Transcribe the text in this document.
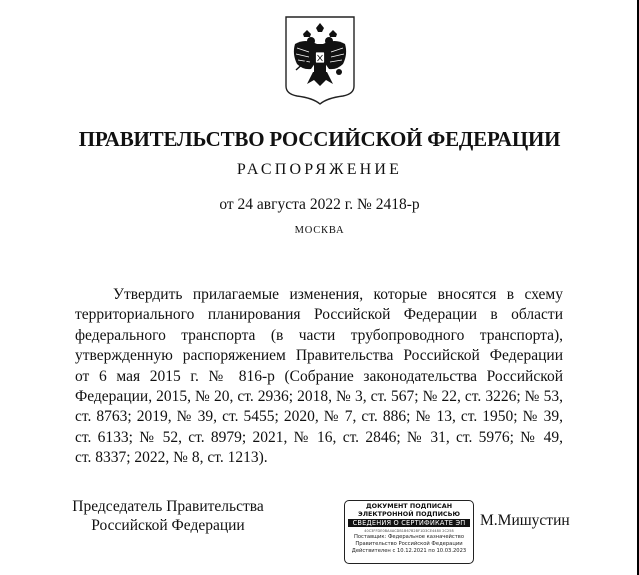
ПРАВИТЕЛЬСТВО РОССИЙСКОЙ ФЕДЕРАЦИИ
РАСПОРЯЖЕНИЕ
от 24 августа 2022 г. № 2418-р
МОСКВА
Утвердить прилагаемые изменения, которые вносятся в схему
территориального планирования Российской Федерации в области
федерального транспорта (в части трубопроводного транспорта),
утвержденную распоряжением Правительства Российской Федерации
от 6 мая 2015 г. № 816-р (Собрание законодательства Российской
Федерации, 2015, № 20, ст. 2936; 2018, № 3, ст. 567; № 22, ст. 3226; № 53,
ст. 8763; 2019, № 39, ст. 5455; 2020, № 7, ст. 886; № 13, ст. 1950; № 39,
ст. 6133; № 52, ст. 8979; 2021, № 16, ст. 2846; № 31, ст. 5976; № 49,
ст. 8337; 2022, № 8, ст. 1213).
Председатель Правительства
Российской Федерации
ДОКУМЕНТ ПОДПИСАН
ЭЛЕКТРОННОЙ ПОДПИСЬЮ
СВЕДЕНИЯ О СЕРТИФИКАТЕ ЭП
40C3FFDE0BA4ACDB1B67B2BF1D3CE4480 2C258
Поставщик: Федеральное казначейство
Правительство Российской Федерации
Действителен с 10.12.2021 по 10.03.2023
М.Мишустин
